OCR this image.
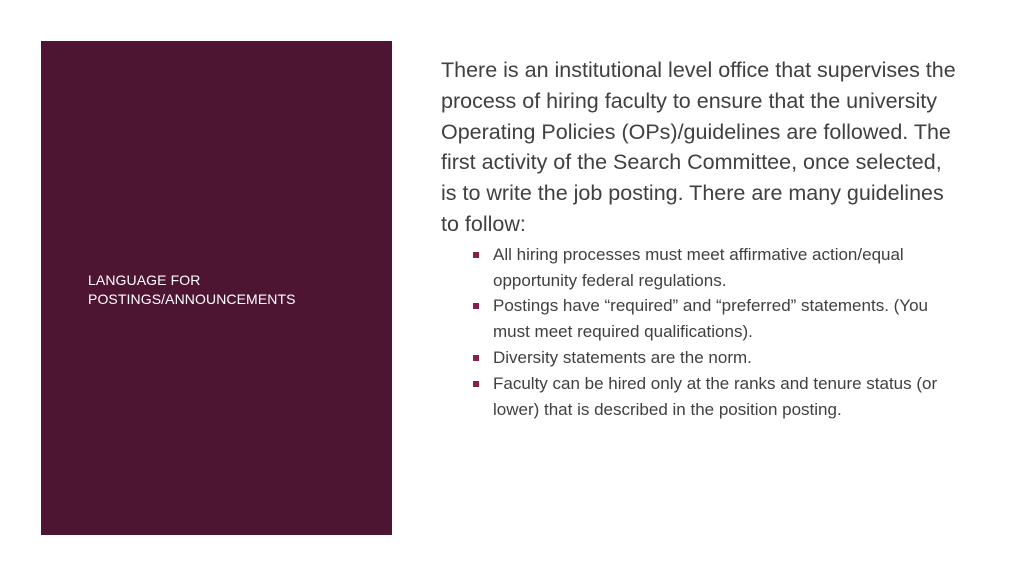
LANGUAGE FOR POSTINGS/ANNOUNCEMENTS

There is an institutional level office that supervises the process of hiring faculty to ensure that the university Operating Policies (OPs)/guidelines are followed. The first activity of the Search Committee, once selected, is to write the job posting. There are many guidelines to follow:

All hiring processes must meet affirmative action/equal opportunity federal regulations.
Postings have “required” and “preferred” statements. (You must meet required qualifications).
Diversity statements are the norm.
Faculty can be hired only at the ranks and tenure status (or lower) that is described in the position posting.
